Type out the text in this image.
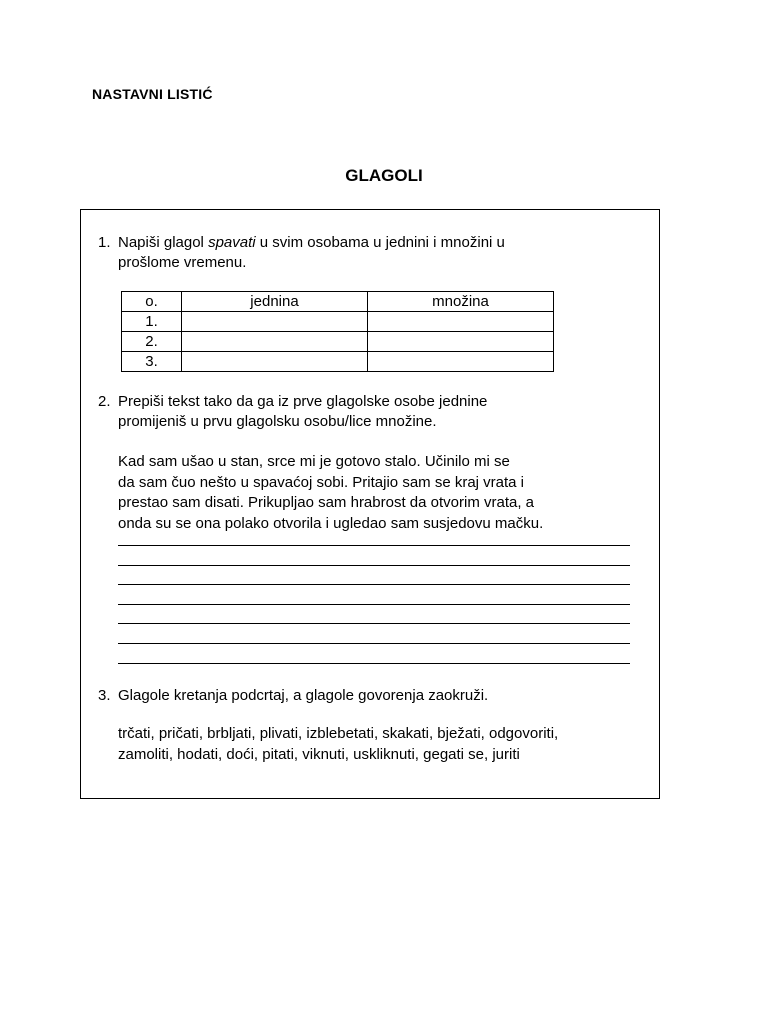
NASTAVNI LISTIĆ
GLAGOLI
1. Napiši glagol spavati u svim osobama u jednini i množini u
prošlome vremenu.
o.	jednina	množina
1.		
2.		
3.		
2. Prepiši tekst tako da ga iz prve glagolske osobe jednine
promijeniš u prvu glagolsku osobu/lice množine.
Kad sam ušao u stan, srce mi je gotovo stalo. Učinilo mi se
da sam čuo nešto u spavaćoj sobi. Pritajio sam se kraj vrata i
prestao sam disati. Prikupljao sam hrabrost da otvorim vrata, a
onda su se ona polako otvorila i ugledao sam susjedovu mačku.
3. Glagole kretanja podcrtaj, a glagole govorenja zaokruži.
trčati, pričati, brbljati, plivati, izblebetati, skakati, bježati, odgovoriti,
zamoliti, hodati, doći, pitati, viknuti, uskliknuti, gegati se, juriti
